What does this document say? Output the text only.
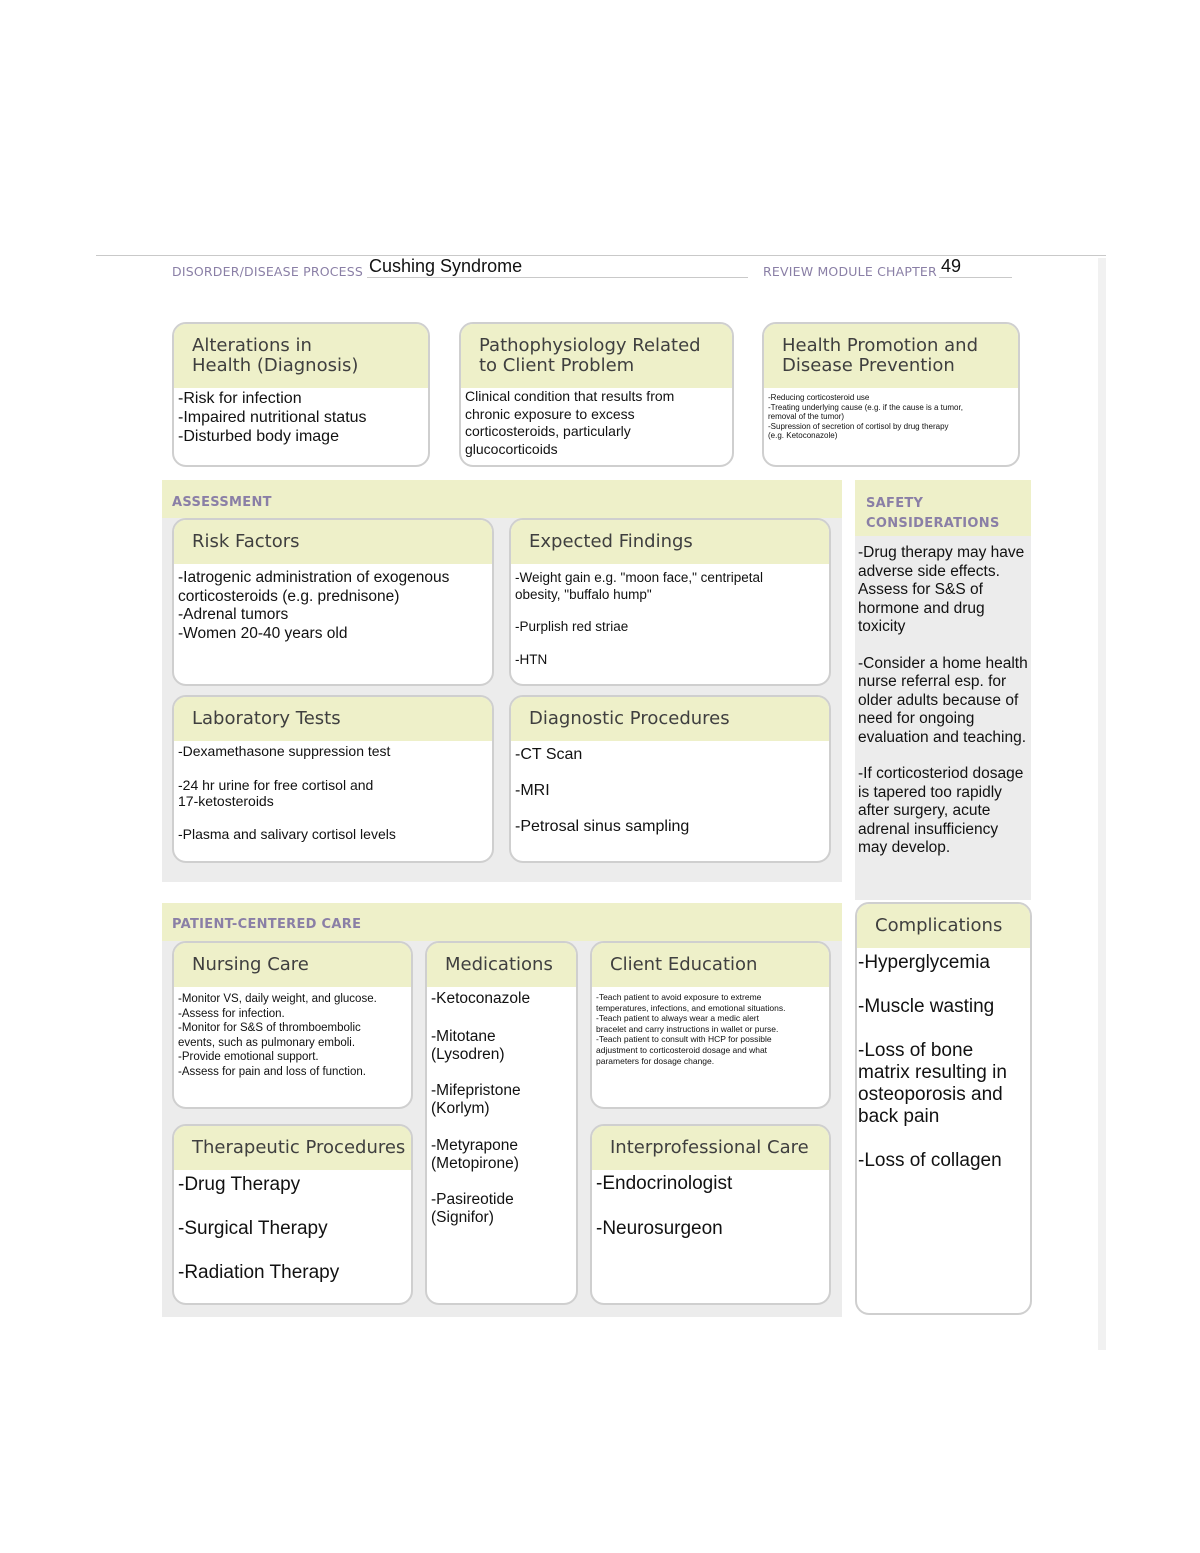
DISORDER/DISEASE PROCESS Cushing Syndrome	REVIEW MODULE CHAPTER 49
Alterations in
Health (Diagnosis)
-Risk for infection
-Impaired nutritional status
-Disturbed body image
Pathophysiology Related
to Client Problem
Clinical condition that results from
chronic exposure to excess
corticosteroids, particularly
glucocorticoids
Health Promotion and
Disease Prevention
-Reducing corticosteroid use
-Treating underlying cause (e.g. if the cause is a tumor,
removal of the tumor)
-Supression of secretion of cortisol by drug therapy
(e.g. Ketoconazole)
ASSESSMENT
Risk Factors
-Iatrogenic administration of exogenous
corticosteroids (e.g. prednisone)
-Adrenal tumors
-Women 20-40 years old
Expected Findings
-Weight gain e.g. "moon face," centripetal
obesity, "buffalo hump"
-Purplish red striae
-HTN
Laboratory Tests
-Dexamethasone suppression test
-24 hr urine for free cortisol and
17-ketosteroids
-Plasma and salivary cortisol levels
Diagnostic Procedures
-CT Scan
-MRI
-Petrosal sinus sampling
SAFETY
CONSIDERATIONS

-Drug therapy may have adverse side effects. Assess for S&S of hormone and drug toxicity

-Consider a home health nurse referral esp. for older adults because of need for ongoing evaluation and teaching.

-If corticosteriod dosage is tapered too rapidly after surgery, acute adrenal insufficiency may develop.

PATIENT-CENTERED CARE
Nursing Care
-Monitor VS, daily weight, and glucose.
-Assess for infection.
-Monitor for S&S of thromboembolic
events, such as pulmonary emboli.
-Provide emotional support.
-Assess for pain and loss of function.
Medications
-Ketoconazole
-Mitotane
(Lysodren)
-Mifepristone
(Korlym)
-Metyrapone
(Metopirone)
-Pasireotide
(Signifor)
Client Education
-Teach patient to avoid exposure to extreme
temperatures, infections, and emotional situations.
-Teach patient to always wear a medic alert
bracelet and carry instructions in wallet or purse.
-Teach patient to consult with HCP for possible
adjustment to corticosteroid dosage and what
parameters for dosage change.
Therapeutic Procedures
-Drug Therapy
-Surgical Therapy
-Radiation Therapy
Interprofessional Care
-Endocrinologist
-Neurosurgeon
Complications
-Hyperglycemia
-Muscle wasting
-Loss of bone matrix resulting in osteoporosis and back pain
-Loss of collagen
